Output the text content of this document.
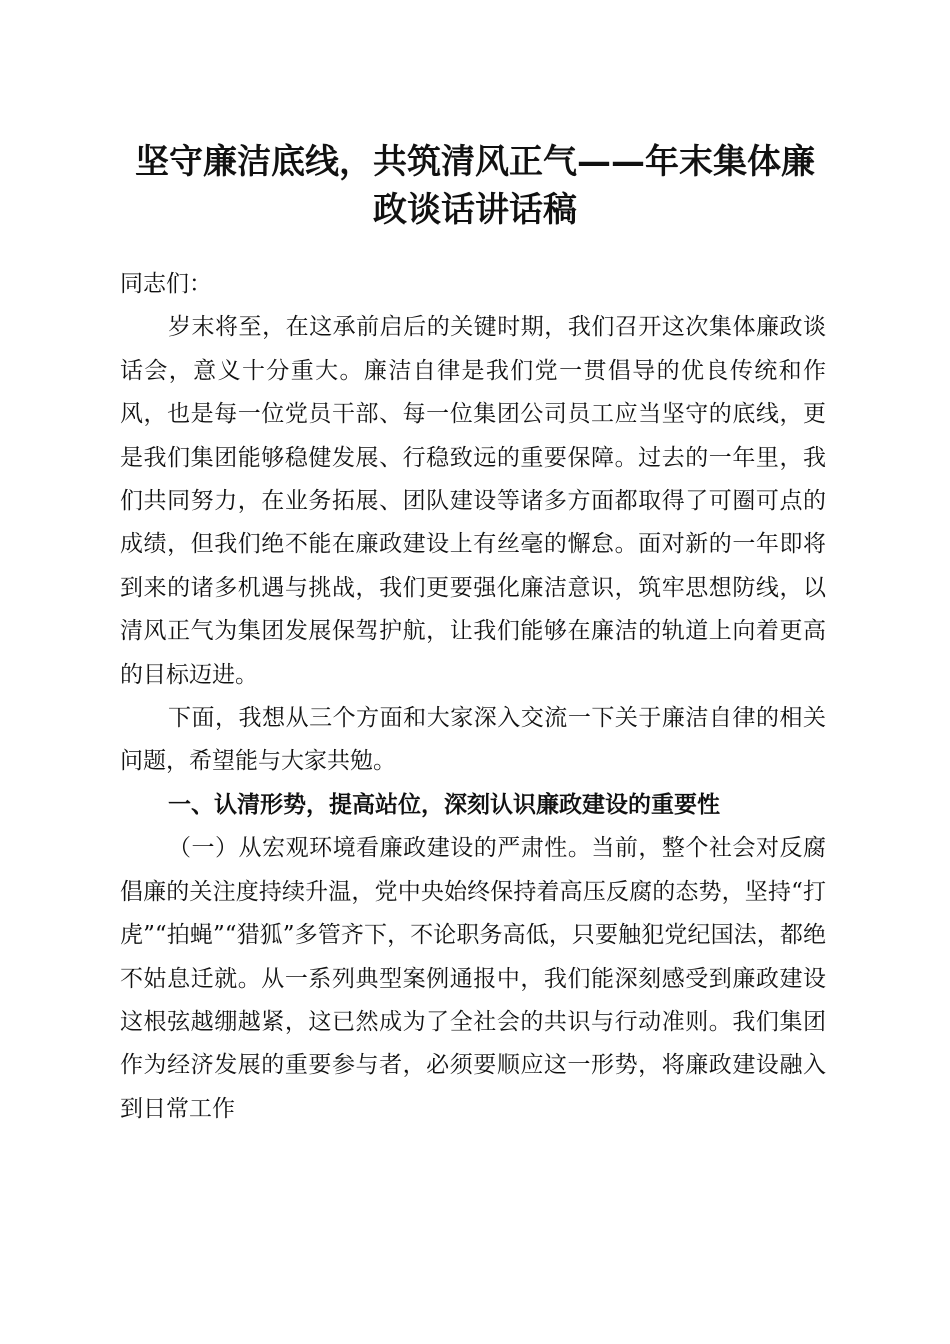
坚守廉洁底线，共筑清风正气——年末集体廉
政谈话讲话稿

同志们：

岁末将至，在这承前启后的关键时期，我们召开这次集体廉政谈话会，意义十分重大。廉洁自律是我们党一贯倡导的优良传统和作风，也是每一位党员干部、每一位集团公司员工应当坚守的底线，更是我们集团能够稳健发展、行稳致远的重要保障。过去的一年里，我们共同努力，在业务拓展、团队建设等诸多方面都取得了可圈可点的成绩，但我们绝不能在廉政建设上有丝毫的懈怠。面对新的一年即将到来的诸多机遇与挑战，我们更要强化廉洁意识，筑牢思想防线，以清风正气为集团发展保驾护航，让我们能够在廉洁的轨道上向着更高的目标迈进。

下面，我想从三个方面和大家深入交流一下关于廉洁自律的相关问题，希望能与大家共勉。

一、认清形势，提高站位，深刻认识廉政建设的重要性

（一）从宏观环境看廉政建设的严肃性。当前，整个社会对反腐倡廉的关注度持续升温，党中央始终保持着高压反腐的态势，坚持“打虎”“拍蝇”“猎狐”多管齐下，不论职务高低，只要触犯党纪国法，都绝不姑息迁就。从一系列典型案例通报中，我们能深刻感受到廉政建设这根弦越绷越紧，这已然成为了全社会的共识与行动准则。我们集团作为经济发展的重要参与者，必须要顺应这一形势，将廉政建设融入到日常工作
